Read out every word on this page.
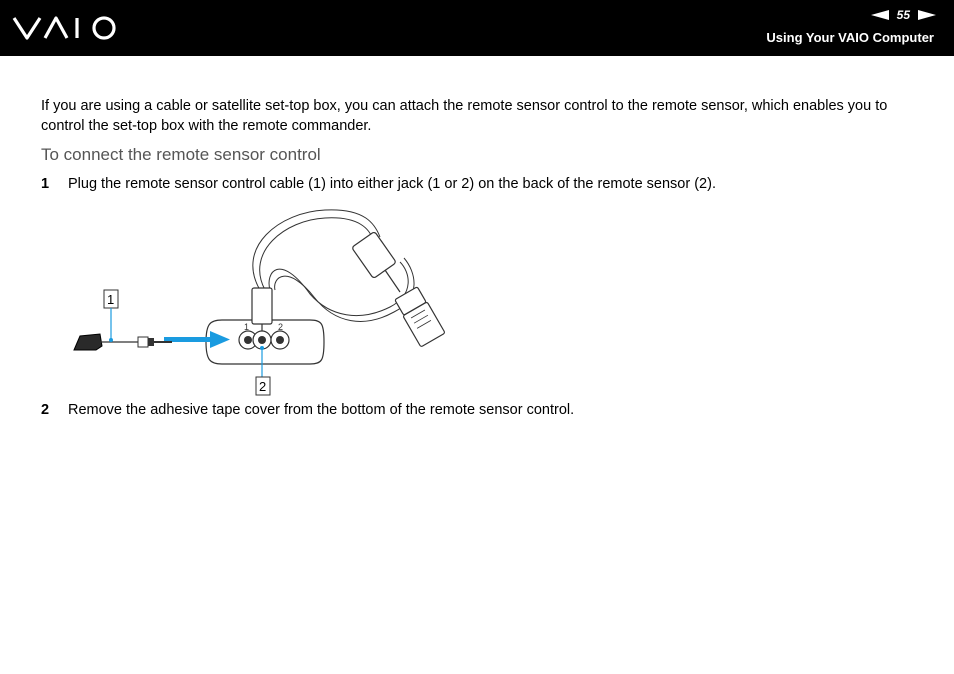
55
Using Your VAIO Computer

If you are using a cable or satellite set-top box, you can attach the remote sensor control to the remote sensor, which enables you to control the set-top box with the remote commander.

To connect the remote sensor control
1 Plug the remote sensor control cable (1) into either jack (1 or 2) on the back of the remote sensor (2).
1	2
1
2
2 Remove the adhesive tape cover from the bottom of the remote sensor control.
